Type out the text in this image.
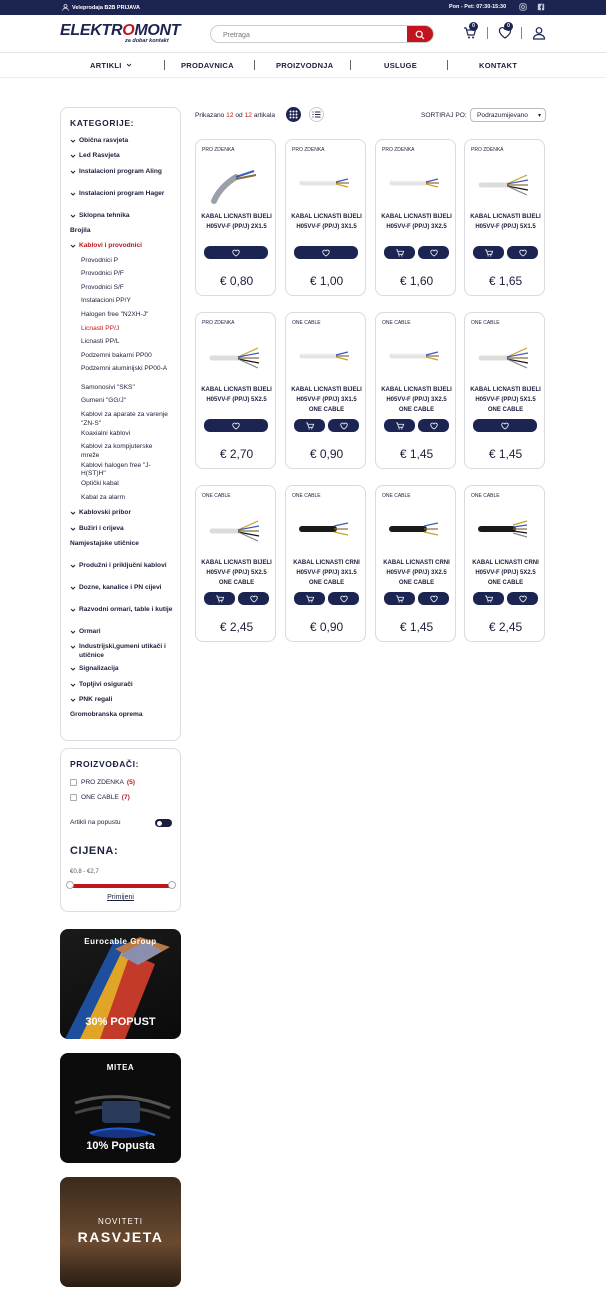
Veleprodaja B2B PRIJAVA	Pon - Pet: 07:30-15:30
ELEKTROMONT
za dobar kontakt
Pretraga
0	0
ARTIKLI	PRODAVNICA	PROIZVODNJA	USLUGE	KONTAKT
KATEGORIJE:
Obična rasvjeta
Led Rasvjeta
Instalacioni program Aling
Instalacioni program Hager
Sklopna tehnika
Brojila
Kablovi i provodnici
Provodnici P
Provodnici P/F
Provodnici S/F
Instalacioni PP/Y
Halogen free "N2XH-J"
Licnasti PP/J
Licnasti PP/L
Podzemni bakarni PP00
Podzemni aluminijski PP00-A
Samonosivi "SKS"
Gumeni "GG/J"
Kablovi za aparate za varenje "ZN-S"
Koaxialni kablovi
Kablovi za kompjuterske mreže
Kablovi halogen free "J-H(ST)H"
Optički kabal
Kabal za alarm
Kablovski pribor
Bužiri i crijeva
Namjestajske utičnice
Produžni i priključni kablovi
Dozne, kanalice i PN cijevi
Razvodni ormari, table i kutije
Ormari
Industrijski,gumeni utikači i utičnice
Signalizacija
Topljivi osigurači
PNK regali
Gromobranska oprema
PROIZVOĐAČI:
PRO ZDENKA (5)
ONE CABLE (7)
Artikli na popustu
CIJENA:
€0,8 - €2,7
Primijeni
Eurocable Group
30% POPUST
MITEA
10% Popusta
NOVITETI
RASVJETA
Prikazano 12 od 12 artikala	SORTIRAJ PO:	Podrazumijevano ▾
PRO ZDENKA
KABAL LICNASTI BIJELI H05VV-F (PP/J) 2X1.5
€ 0,80
PRO ZDENKA
KABAL LICNASTI BIJELI H05VV-F (PP/J) 3X1.5
€ 1,00
PRO ZDENKA
KABAL LICNASTI BIJELI H05VV-F (PP/J) 3X2.5
€ 1,60
PRO ZDENKA
KABAL LICNASTI BIJELI H05VV-F (PP/J) 5X1.5
€ 1,65
PRO ZDENKA
KABAL LICNASTI BIJELI H05VV-F (PP/J) 5X2.5
€ 2,70
ONE CABLE
KABAL LICNASTI BIJELI H05VV-F (PP/J) 3X1.5 ONE CABLE
€ 0,90
ONE CABLE
KABAL LICNASTI BIJELI H05VV-F (PP/J) 3X2.5 ONE CABLE
€ 1,45
ONE CABLE
KABAL LICNASTI BIJELI H05VV-F (PP/J) 5X1.5 ONE CABLE
€ 1,45
ONE CABLE
KABAL LICNASTI BIJELI H05VV-F (PP/J) 5X2.5 ONE CABLE
€ 2,45
ONE CABLE
KABAL LICNASTI CRNI H05VV-F (PP/J) 3X1.5 ONE CABLE
€ 0,90
ONE CABLE
KABAL LICNASTI CRNI H05VV-F (PP/J) 3X2.5 ONE CABLE
€ 1,45
ONE CABLE
KABAL LICNASTI CRNI H05VV-F (PP/J) 5X2.5 ONE CABLE
€ 2,45
